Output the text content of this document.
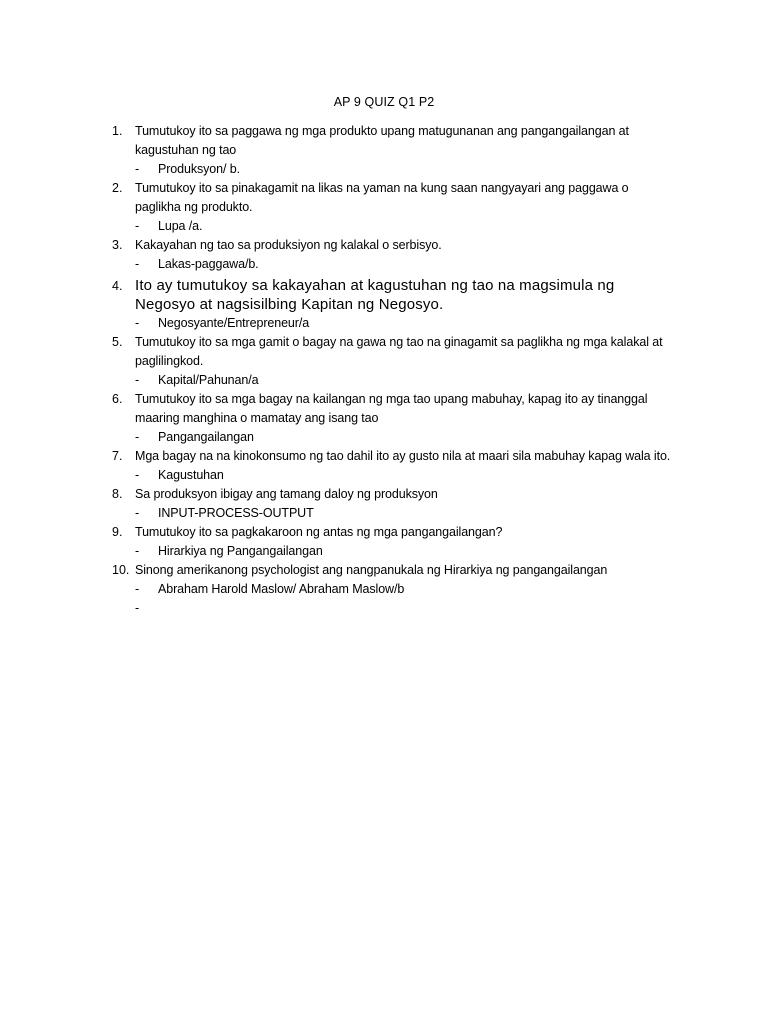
AP 9 QUIZ Q1 P2
1. Tumutukoy ito sa paggawa ng mga produkto upang matugunanan ang pangangailangan at kagustuhan ng tao
- Produksyon/ b.
2. Tumutukoy ito sa pinakagamit na likas na yaman na kung saan nangyayari ang paggawa o paglikha ng produkto.
- Lupa /a.
3. Kakayahan ng tao sa produksiyon ng kalakal o serbisyo.
- Lakas-paggawa/b.
4. Ito ay tumutukoy sa kakayahan at kagustuhan ng tao na magsimula ng Negosyo at nagsisilbing Kapitan ng Negosyo.
- Negosyante/Entrepreneur/a
5. Tumutukoy ito sa mga gamit o bagay na gawa ng tao na ginagamit sa paglikha ng mga kalakal at paglilingkod.
- Kapital/Pahunan/a
6. Tumutukoy ito sa mga bagay na kailangan ng mga tao upang mabuhay, kapag ito ay tinanggal maaring manghina o mamatay ang isang tao
- Pangangailangan
7. Mga bagay na na kinokonsumo ng tao dahil ito ay gusto nila at maari sila mabuhay kapag wala ito.
- Kagustuhan
8. Sa produksyon ibigay ang tamang daloy ng produksyon
- INPUT-PROCESS-OUTPUT
9. Tumutukoy ito sa pagkakaroon ng antas ng mga pangangailangan?
- Hirarkiya ng Pangangailangan
10. Sinong amerikanong psychologist ang nangpanukala ng Hirarkiya ng pangangailangan
- Abraham Harold Maslow/ Abraham Maslow/b
-
